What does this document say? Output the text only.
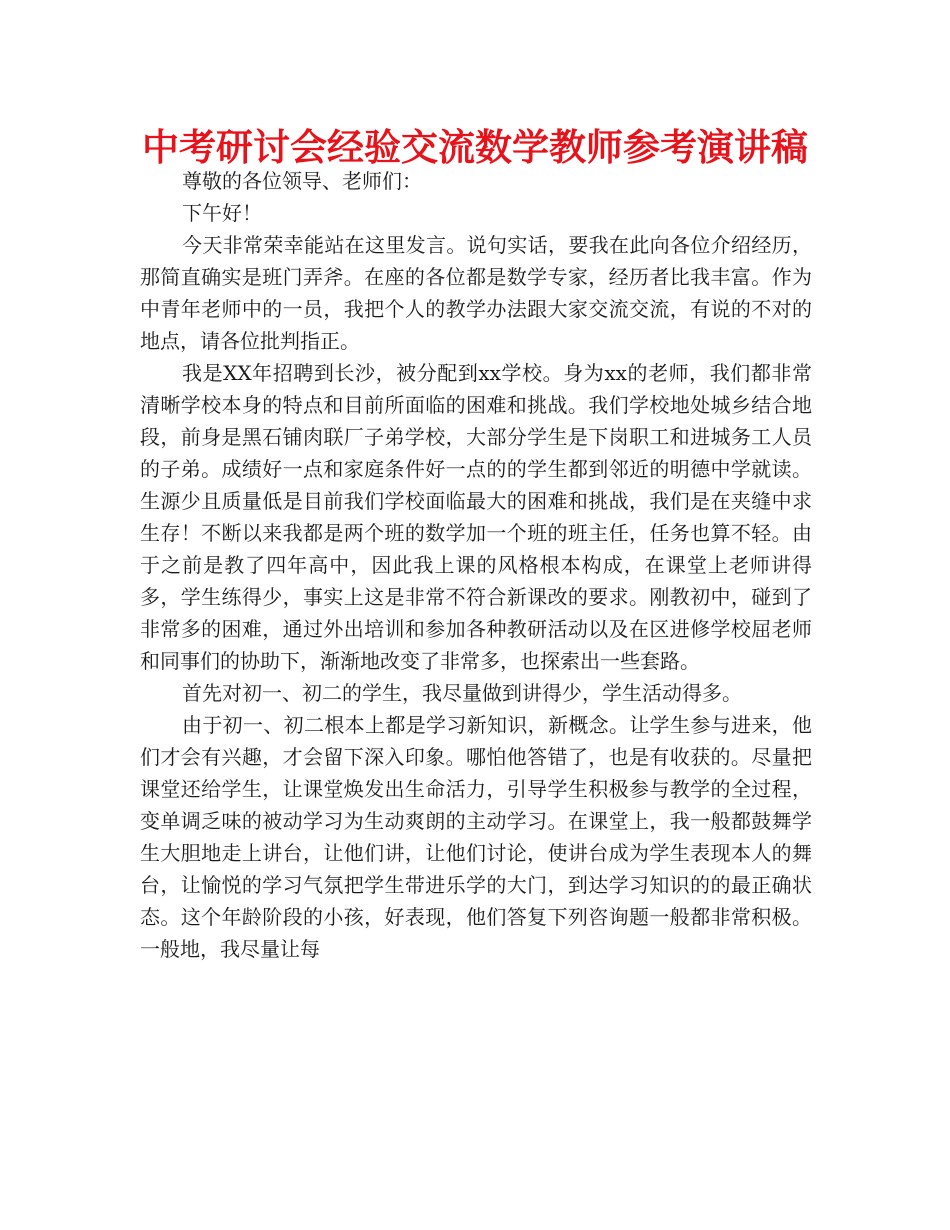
中考研讨会经验交流数学教师参考演讲稿

尊敬的各位领导、老师们：

下午好！

今天非常荣幸能站在这里发言。说句实话，要我在此向各位介绍经历，那简直确实是班门弄斧。在座的各位都是数学专家，经历者比我丰富。作为中青年老师中的一员，我把个人的教学办法跟大家交流交流，有说的不对的地点，请各位批判指正。

我是XX年招聘到长沙，被分配到xx学校。身为xx的老师，我们都非常清晰学校本身的特点和目前所面临的困难和挑战。我们学校地处城乡结合地段，前身是黑石铺肉联厂子弟学校，大部分学生是下岗职工和进城务工人员的子弟。成绩好一点和家庭条件好一点的的学生都到邻近的明德中学就读。生源少且质量低是目前我们学校面临最大的困难和挑战，我们是在夹缝中求生存！不断以来我都是两个班的数学加一个班的班主任，任务也算不轻。由于之前是教了四年高中，因此我上课的风格根本构成，在课堂上老师讲得多，学生练得少，事实上这是非常不符合新课改的要求。刚教初中，碰到了非常多的困难，通过外出培训和参加各种教研活动以及在区进修学校屈老师和同事们的协助下，渐渐地改变了非常多，也探索出一些套路。

首先对初一、初二的学生，我尽量做到讲得少，学生活动得多。

由于初一、初二根本上都是学习新知识，新概念。让学生参与进来，他们才会有兴趣，才会留下深入印象。哪怕他答错了，也是有收获的。尽量把课堂还给学生，让课堂焕发出生命活力，引导学生积极参与教学的全过程，变单调乏味的被动学习为生动爽朗的主动学习。在课堂上，我一般都鼓舞学生大胆地走上讲台，让他们讲，让他们讨论，使讲台成为学生表现本人的舞台，让愉悦的学习气氛把学生带进乐学的大门，到达学习知识的的最正确状态。这个年龄阶段的小孩，好表现，他们答复下列咨询题一般都非常积极。一般地，我尽量让每
